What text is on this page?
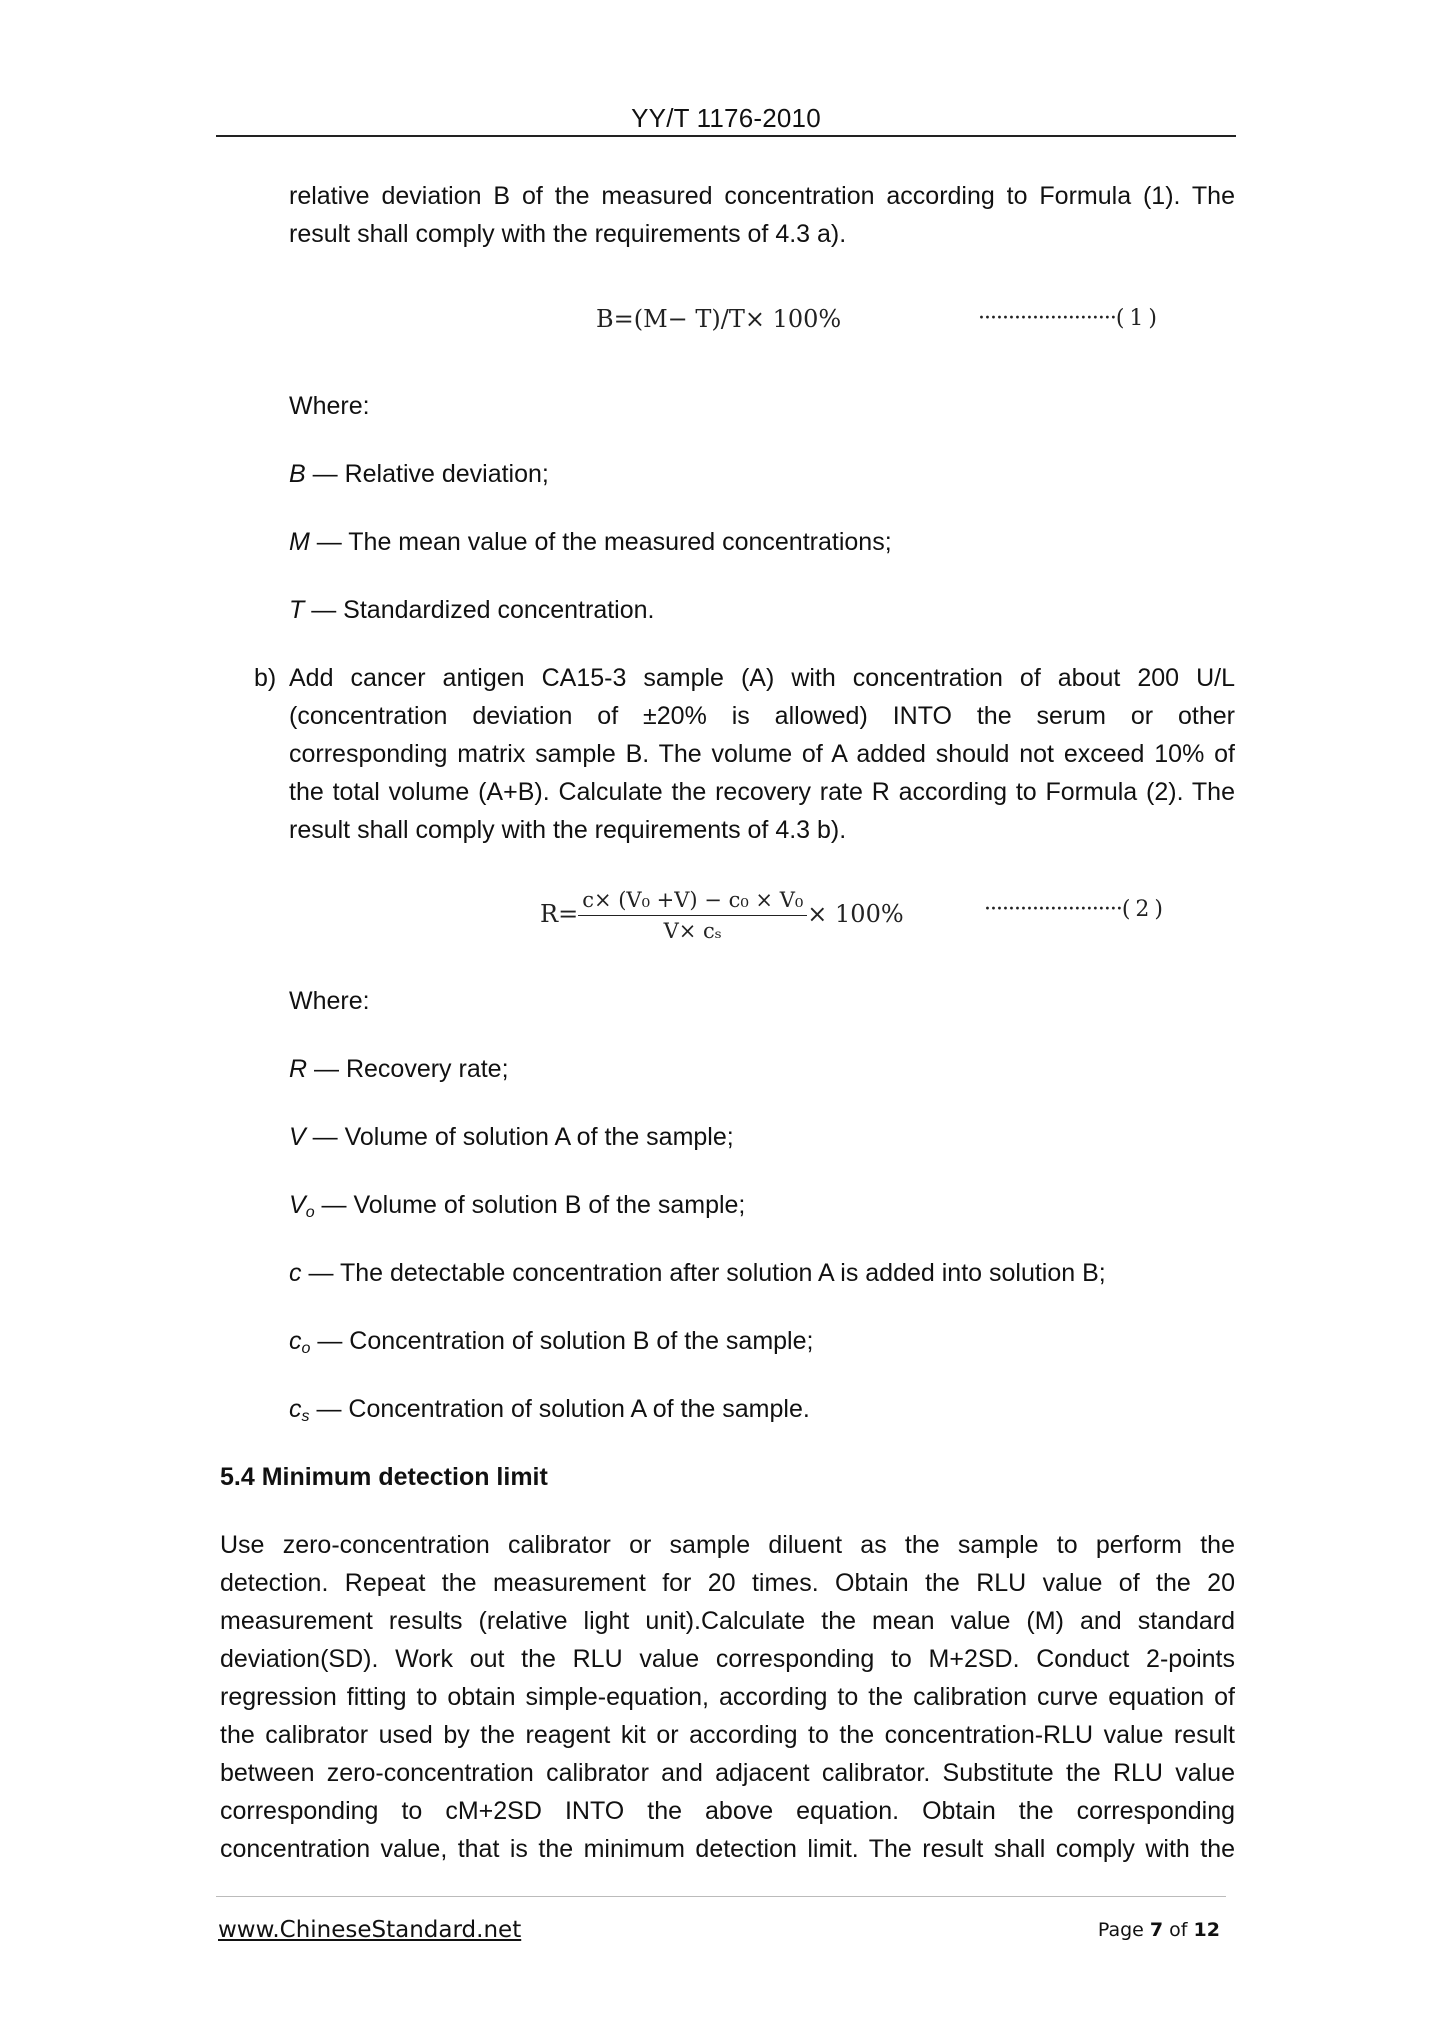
YY/T 1176-2010
relative deviation B of the measured concentration according to Formula (1). The
result shall comply with the requirements of 4.3 a).
B=(M− T)/T× 100%	·······················( 1 )
Where:
B — Relative deviation;
M — The mean value of the measured concentrations;
T — Standardized concentration.
b) Add cancer antigen CA15-3 sample (A) with concentration of about 200 U/L
(concentration deviation of ±20% is allowed) INTO the serum or other
corresponding matrix sample B. The volume of A added should not exceed 10% of
the total volume (A+B). Calculate the recovery rate R according to Formula (2). The
result shall comply with the requirements of 4.3 b).
$R= \frac{\text{c× (V₀ +V) − c₀ × V₀}}{\text{V× cₛ}} \times 100\%$	·······················( 2 )
Where:
R — Recovery rate;
V — Volume of solution A of the sample;
$V_o$ — Volume of solution B of the sample;
c — The detectable concentration after solution A is added into solution B;
$c_o$ — Concentration of solution B of the sample;
$c_s$ — Concentration of solution A of the sample.
5.4 Minimum detection limit
Use zero-concentration calibrator or sample diluent as the sample to perform the
detection. Repeat the measurement for 20 times. Obtain the RLU value of the 20
measurement results (relative light unit).Calculate the mean value (M) and standard
deviation(SD). Work out the RLU value corresponding to M+2SD. Conduct 2-points
regression fitting to obtain simple-equation, according to the calibration curve equation of
the calibrator used by the reagent kit or according to the concentration-RLU value result
between zero-concentration calibrator and adjacent calibrator. Substitute the RLU value
corresponding to cM+2SD INTO the above equation. Obtain the corresponding
concentration value, that is the minimum detection limit. The result shall comply with the
www.ChineseStandard.net	Page 7 of 12
